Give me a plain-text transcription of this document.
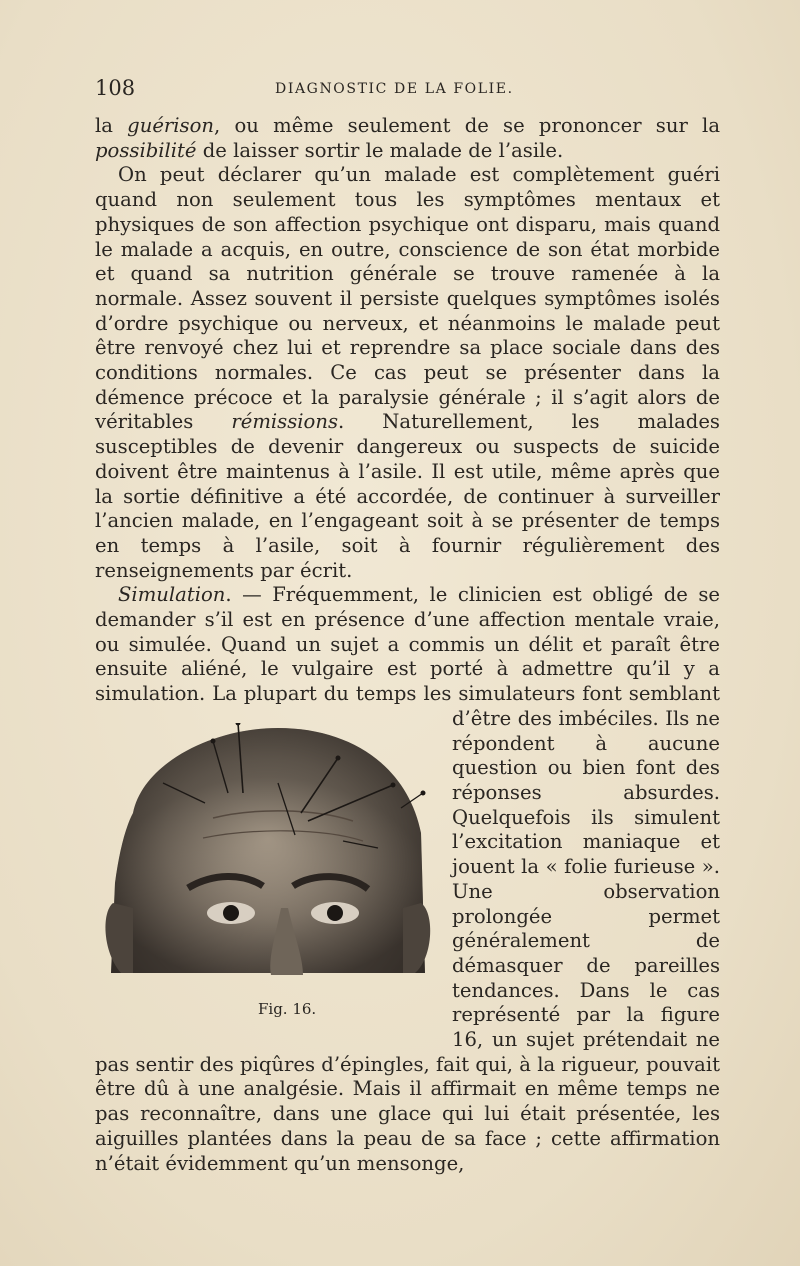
108	DIAGNOSTIC DE LA FOLIE.

la guérison, ou même seulement de se prononcer sur la possibilité de laisser sortir le malade de l’asile.

On peut déclarer qu’un malade est complètement guéri quand non seulement tous les symptômes mentaux et physiques de son affection psychique ont disparu, mais quand le malade a acquis, en outre, conscience de son état morbide et quand sa nutrition générale se trouve ramenée à la normale. Assez souvent il persiste quelques symptômes isolés d’ordre psychique ou nerveux, et néanmoins le malade peut être renvoyé chez lui et reprendre sa place sociale dans des conditions normales. Ce cas peut se présenter dans la démence précoce et la paralysie générale ; il s’agit alors de véritables rémissions. Naturellement, les malades susceptibles de devenir dangereux ou suspects de suicide doivent être maintenus à l’asile. Il est utile, même après que la sortie définitive a été accordée, de continuer à surveiller l’ancien malade, en l’engageant soit à se présenter de temps en temps à l’asile, soit à fournir régulièrement des renseignements par écrit.

Simulation. — Fréquemment, le clinicien est obligé de se demander s’il est en présence d’une affection mentale vraie, ou simulée. Quand un sujet a commis un délit et paraît être ensuite aliéné, le vulgaire est porté à admettre qu’il y a simulation. La plupart du temps les simulateurs
Fig. 16.
font semblant d’être des imbéciles. Ils ne répondent à aucune question ou bien font des réponses absurdes. Quelquefois ils simulent l’excitation maniaque et jouent la « folie furieuse ». Une observation prolongée permet généralement de démasquer de pareilles tendances. Dans le cas représenté par la figure 16, un sujet prétendait ne pas sentir des piqûres d’épingles, fait qui, à la rigueur, pouvait être dû à une analgésie. Mais il affirmait en même temps ne pas reconnaître, dans une glace qui lui était présentée, les aiguilles plantées dans la peau de sa face ; cette affirmation n’était évidemment qu’un mensonge,
